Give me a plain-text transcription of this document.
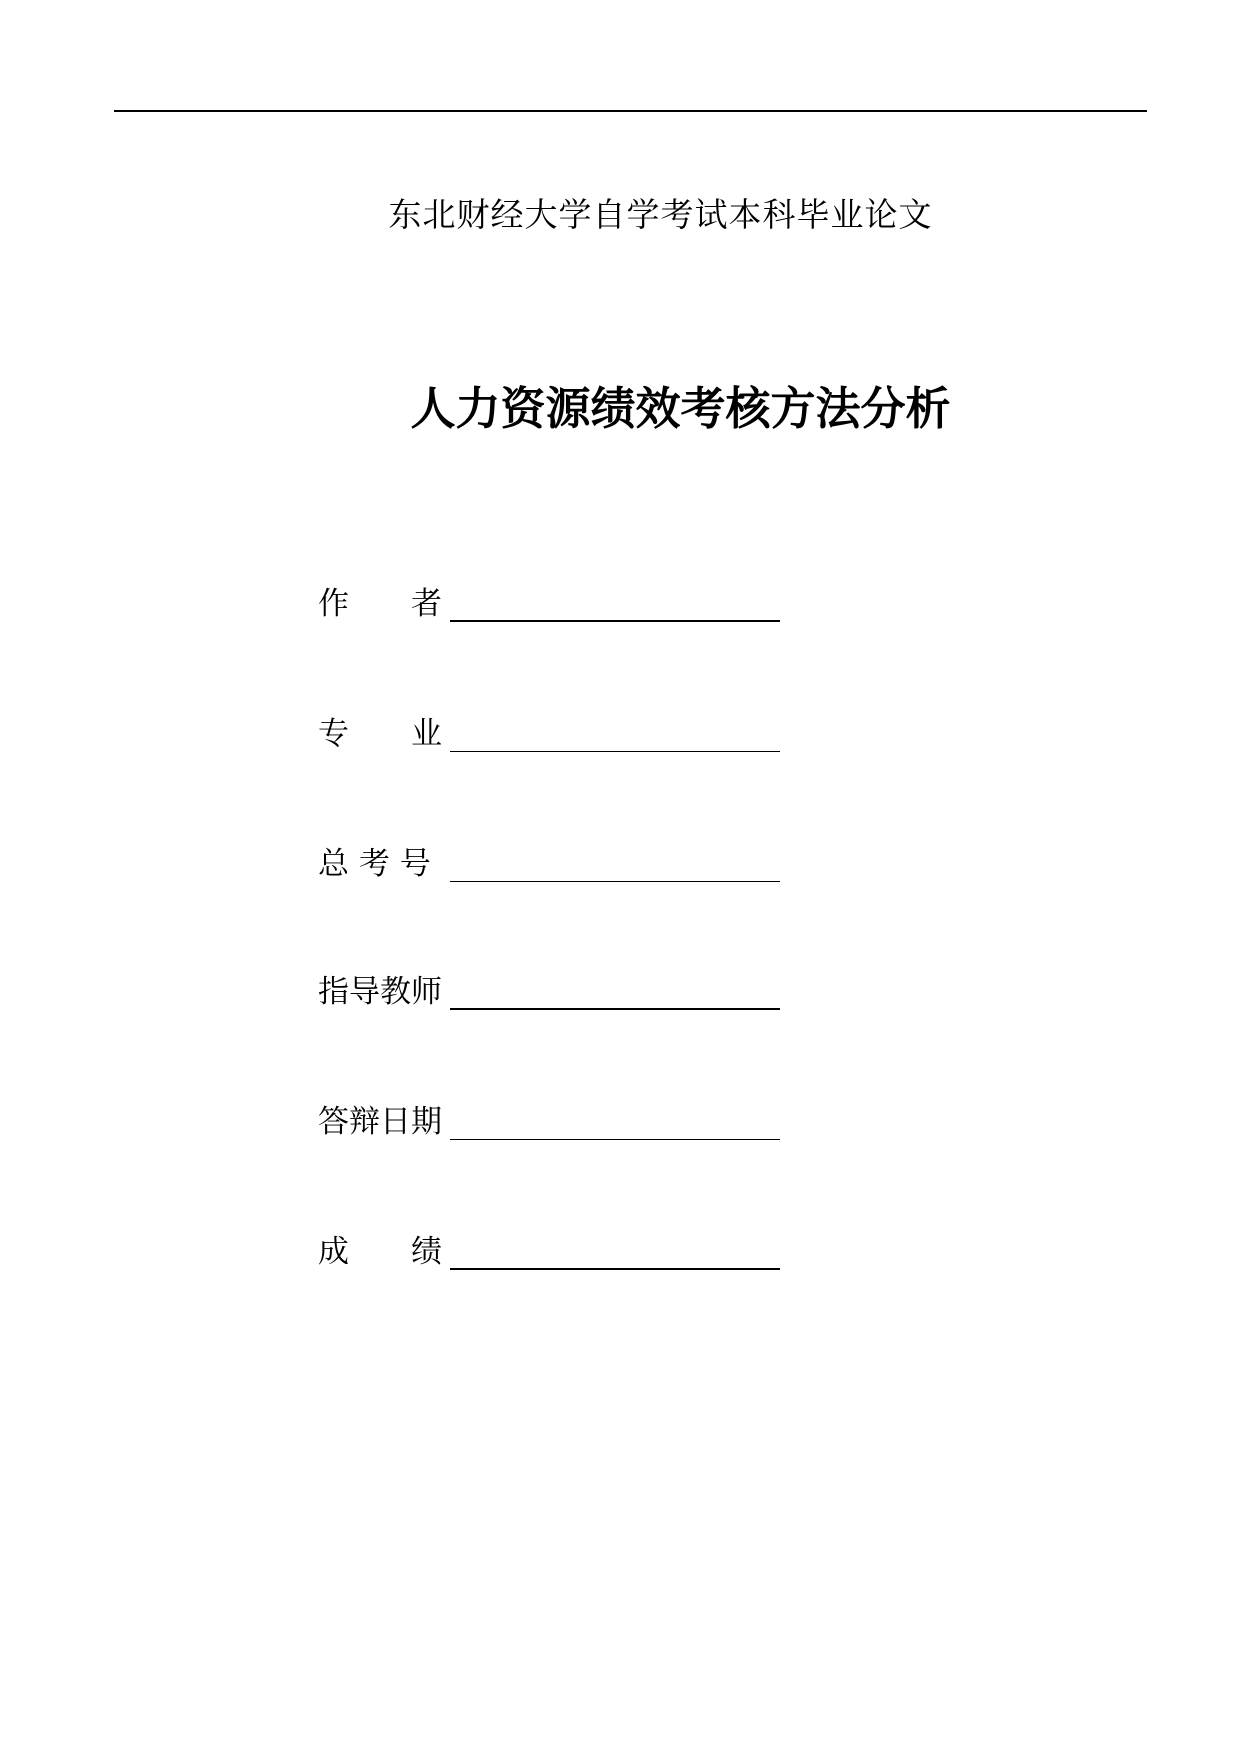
东北财经大学自学考试本科毕业论文
人力资源绩效考核方法分析
作　　者
专　　业
总 考 号
指导教师
答辩日期
成　　绩
